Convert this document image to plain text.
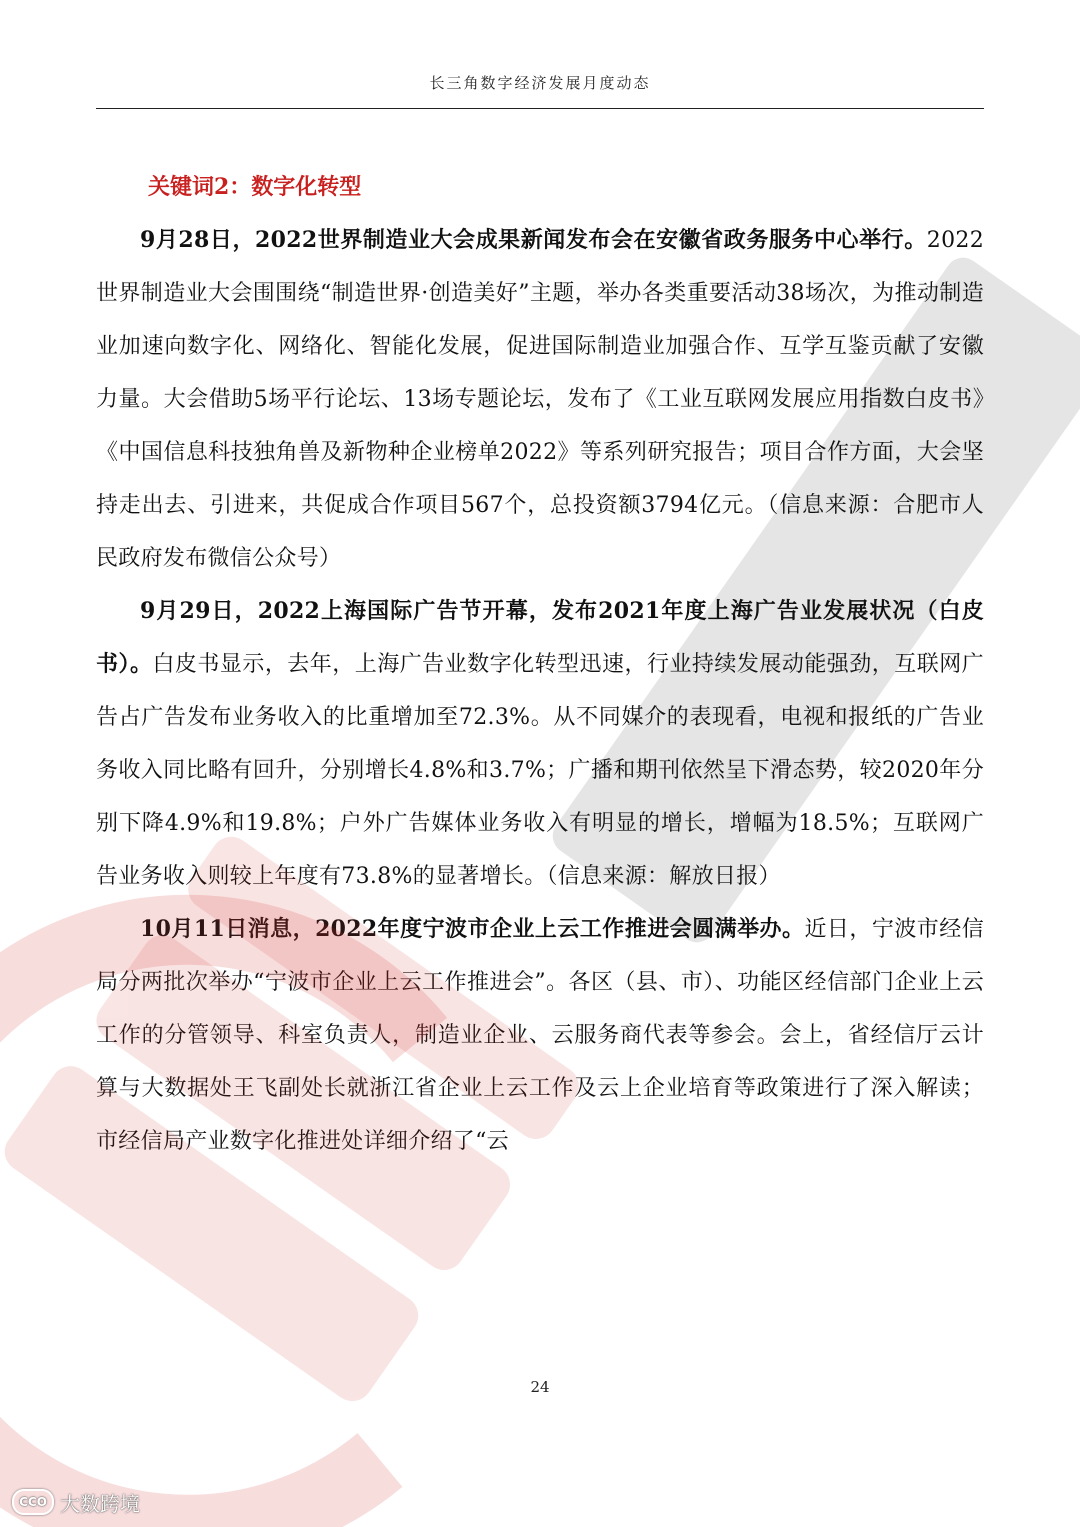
长三角数字经济发展月度动态
关键词2：数字化转型

9月28日，2022世界制造业大会成果新闻发布会在安徽省政务服务中心举行。2022世界制造业大会围围绕“制造世界·创造美好”主题，举办各类重要活动38场次，为推动制造业加速向数字化、网络化、智能化发展，促进国际制造业加强合作、互学互鉴贡献了安徽力量。大会借助5场平行论坛、13场专题论坛，发布了《工业互联网发展应用指数白皮书》《中国信息科技独角兽及新物种企业榜单2022》等系列研究报告；项目合作方面，大会坚持走出去、引进来，共促成合作项目567个，总投资额3794亿元。（信息来源：合肥市人民政府发布微信公众号）

9月29日，2022上海国际广告节开幕，发布2021年度上海广告业发展状况（白皮书）。白皮书显示，去年，上海广告业数字化转型迅速，行业持续发展动能强劲，互联网广告占广告发布业务收入的比重增加至72.3%。从不同媒介的表现看，电视和报纸的广告业务收入同比略有回升，分别增长4.8%和3.7%；广播和期刊依然呈下滑态势，较2020年分别下降4.9%和19.8%；户外广告媒体业务收入有明显的增长，增幅为18.5%；互联网广告业务收入则较上年度有73.8%的显著增长。（信息来源：解放日报）

10月11日消息，2022年度宁波市企业上云工作推进会圆满举办。近日，宁波市经信局分两批次举办“宁波市企业上云工作推进会”。各区（县、市）、功能区经信部门企业上云工作的分管领导、科室负责人，制造业企业、云服务商代表等参会。会上，省经信厅云计算与大数据处王飞副处长就浙江省企业上云工作及云上企业培育等政策进行了深入解读；市经信局产业数字化推进处详细介绍了“云

24
CCO 大数跨境
